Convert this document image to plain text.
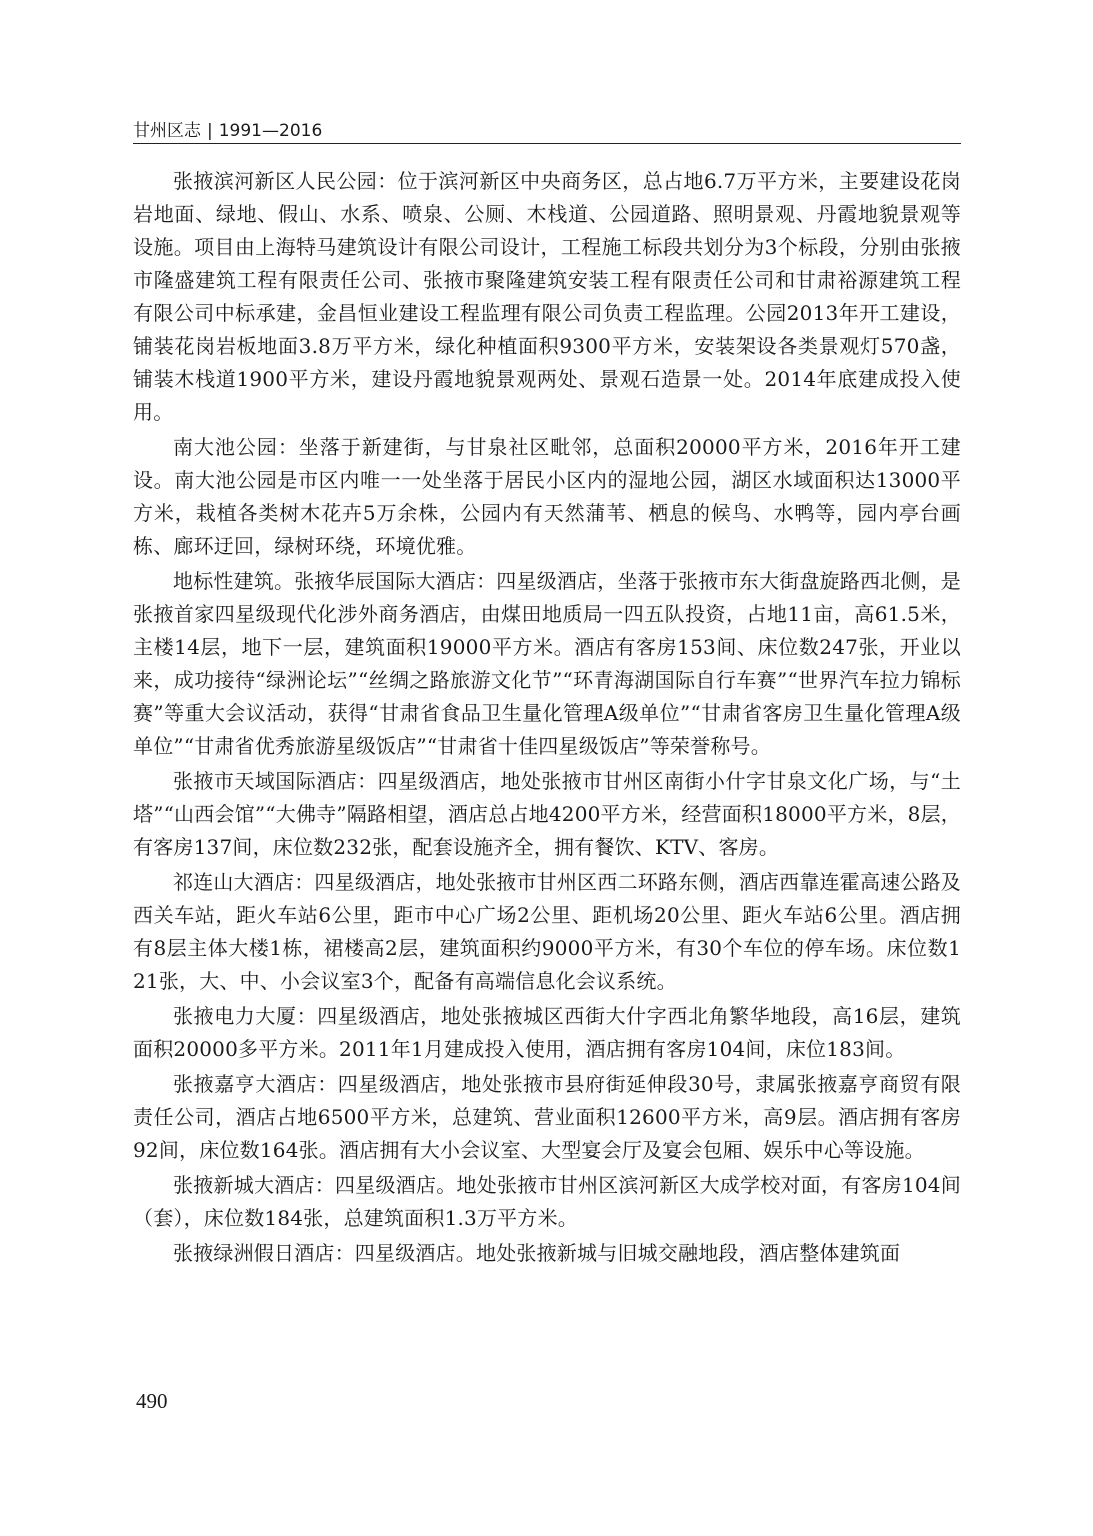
甘州区志 | 1991—2016

张掖滨河新区人民公园：位于滨河新区中央商务区，总占地6.7万平方米，主要建设花岗岩地面、绿地、假山、水系、喷泉、公厕、木栈道、公园道路、照明景观、丹霞地貌景观等设施。项目由上海特马建筑设计有限公司设计，工程施工标段共划分为3个标段，分别由张掖市隆盛建筑工程有限责任公司、张掖市聚隆建筑安装工程有限责任公司和甘肃裕源建筑工程有限公司中标承建，金昌恒业建设工程监理有限公司负责工程监理。公园2013年开工建设，铺装花岗岩板地面3.8万平方米，绿化种植面积9300平方米，安装架设各类景观灯570盏，铺装木栈道1900平方米，建设丹霞地貌景观两处、景观石造景一处。2014年底建成投入使用。

南大池公园：坐落于新建街，与甘泉社区毗邻，总面积20000平方米，2016年开工建设。南大池公园是市区内唯一一处坐落于居民小区内的湿地公园，湖区水域面积达13000平方米，栽植各类树木花卉5万余株，公园内有天然蒲苇、栖息的候鸟、水鸭等，园内亭台画栋、廊环迂回，绿树环绕，环境优雅。

地标性建筑。张掖华辰国际大酒店：四星级酒店，坐落于张掖市东大街盘旋路西北侧，是张掖首家四星级现代化涉外商务酒店，由煤田地质局一四五队投资，占地11亩，高61.5米，主楼14层，地下一层，建筑面积19000平方米。酒店有客房153间、床位数247张，开业以来，成功接待“绿洲论坛”“丝绸之路旅游文化节”“环青海湖国际自行车赛”“世界汽车拉力锦标赛”等重大会议活动，获得“甘肃省食品卫生量化管理A级单位”“甘肃省客房卫生量化管理A级单位”“甘肃省优秀旅游星级饭店”“甘肃省十佳四星级饭店”等荣誉称号。

张掖市天域国际酒店：四星级酒店，地处张掖市甘州区南街小什字甘泉文化广场，与“土塔”“山西会馆”“大佛寺”隔路相望，酒店总占地4200平方米，经营面积18000平方米，8层，有客房137间，床位数232张，配套设施齐全，拥有餐饮、KTV、客房。

祁连山大酒店：四星级酒店，地处张掖市甘州区西二环路东侧，酒店西靠连霍高速公路及西关车站，距火车站6公里，距市中心广场2公里、距机场20公里、距火车站6公里。酒店拥有8层主体大楼1栋，裙楼高2层，建筑面积约9000平方米，有30个车位的停车场。床位数121张，大、中、小会议室3个，配备有高端信息化会议系统。

张掖电力大厦：四星级酒店，地处张掖城区西街大什字西北角繁华地段，高16层，建筑面积20000多平方米。2011年1月建成投入使用，酒店拥有客房104间，床位183间。

张掖嘉亨大酒店：四星级酒店，地处张掖市县府街延伸段30号，隶属张掖嘉亨商贸有限责任公司，酒店占地6500平方米，总建筑、营业面积12600平方米，高9层。酒店拥有客房92间，床位数164张。酒店拥有大小会议室、大型宴会厅及宴会包厢、娱乐中心等设施。

张掖新城大酒店：四星级酒店。地处张掖市甘州区滨河新区大成学校对面，有客房104间（套），床位数184张，总建筑面积1.3万平方米。

张掖绿洲假日酒店：四星级酒店。地处张掖新城与旧城交融地段，酒店整体建筑面

490
